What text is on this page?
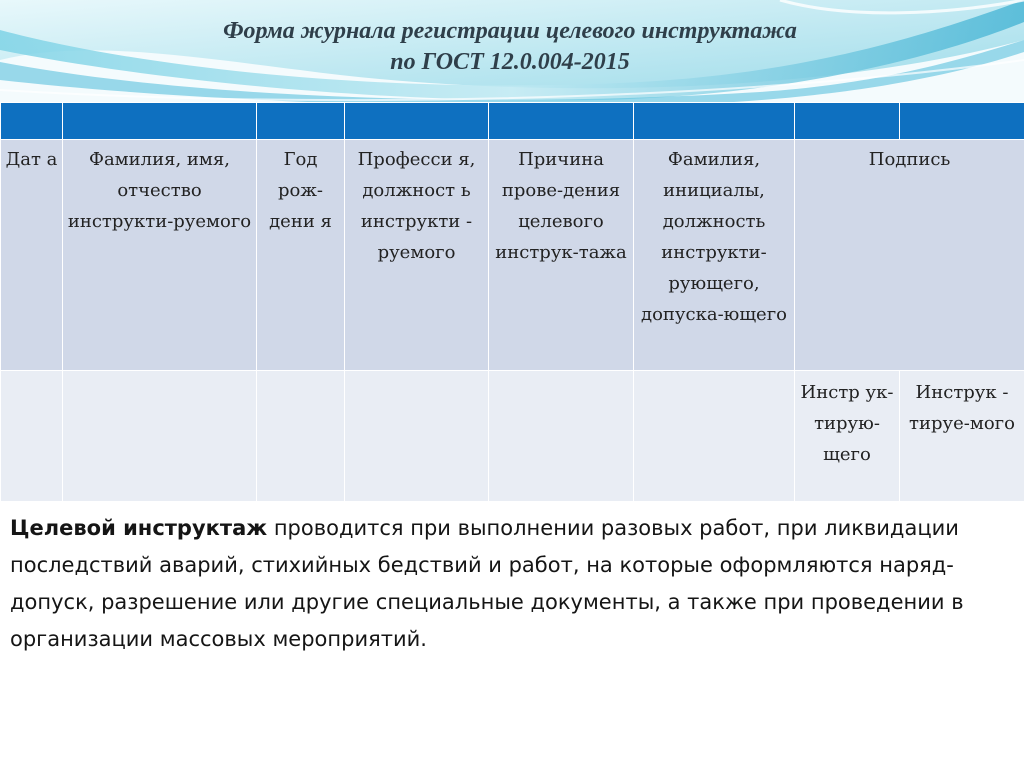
Форма журнала регистрации целевого инструктажа
по ГОСТ 12.0.004-2015

Дат а	Фамилия, имя, отчество инструкти-руемого	Год рож-дени я	Професси я, должност ь инструкти - руемого	Причина прове-дения целевого инструк-тажа	Фамилия, инициалы, должность инструкти-рующего, допуска-ющего	Подпись	
						Инстр ук-тирую-щего	Инструк - тируе-мого
Целевой инструктаж проводится при выполнении разовых работ, при ликвидации последствий аварий, стихийных бедствий и работ, на которые оформляются наряд-допуск, разрешение или другие специальные документы, а также при проведении в организации массовых мероприятий.
